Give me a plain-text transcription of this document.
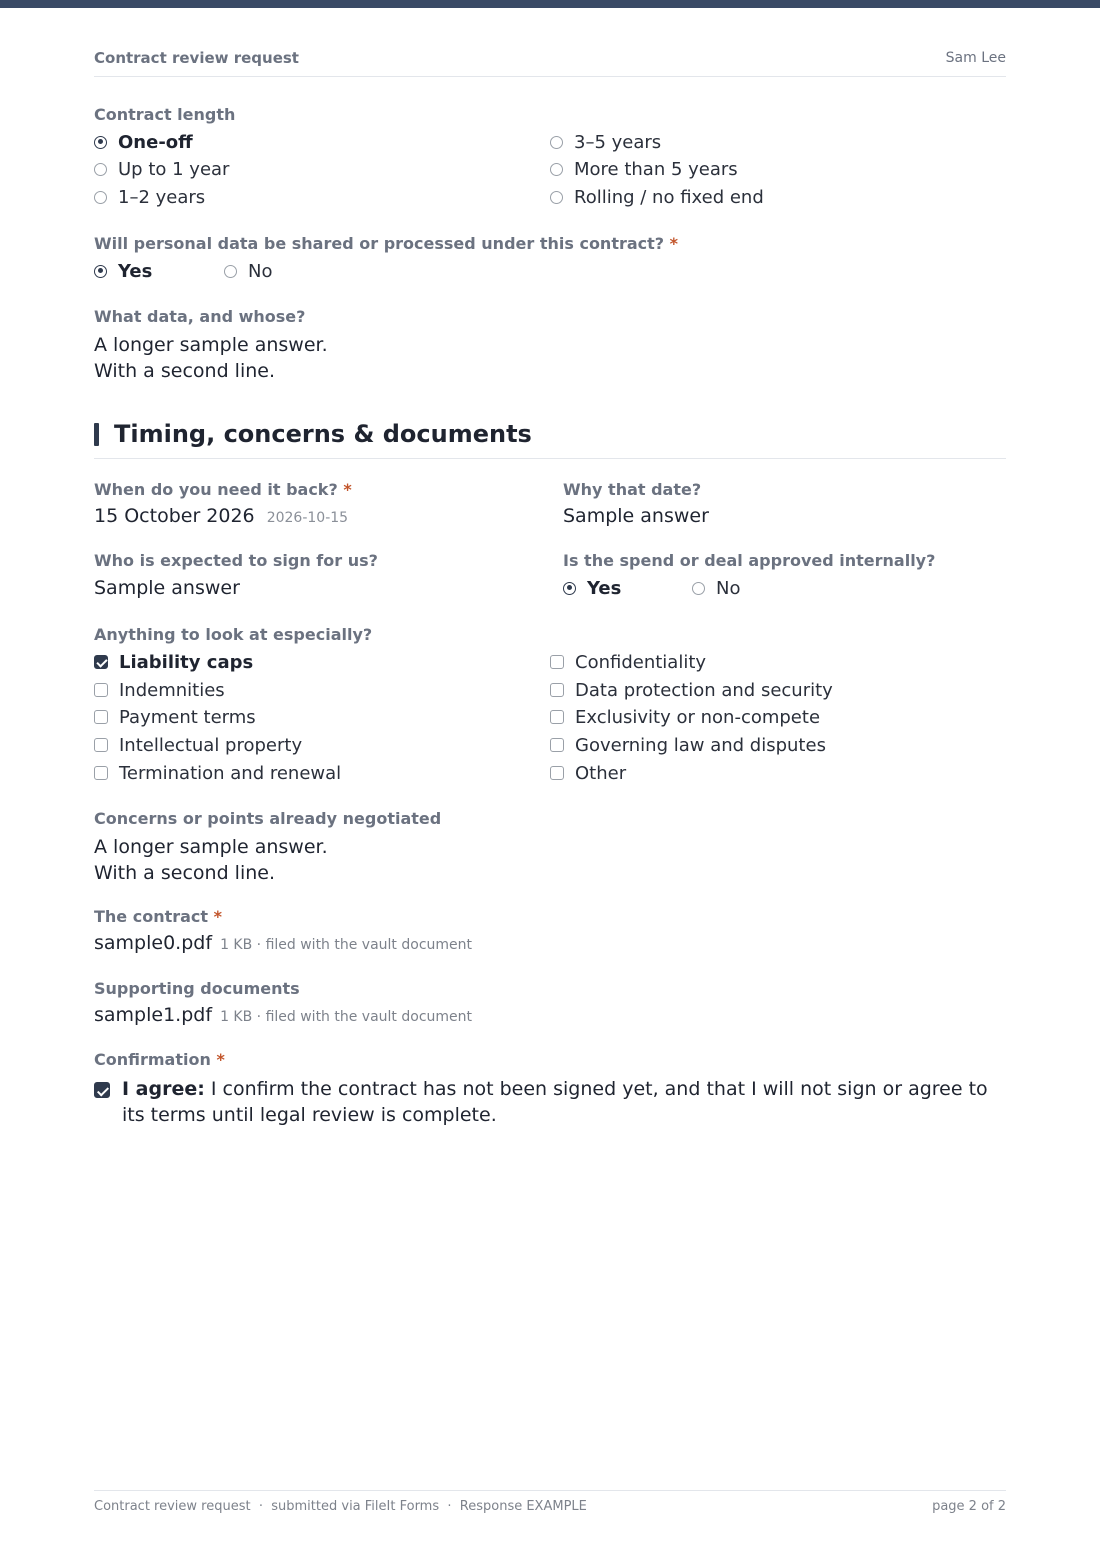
Contract review request	Sam Lee
Contract length
One-off
Up to 1 year
1–2 years
3–5 years
More than 5 years
Rolling / no fixed end
Will personal data be shared or processed under this contract? *
Yes	No
What data, and whose?
A longer sample answer.
With a second line.
Timing, concerns & documents
When do you need it back? *
15 October 2026 2026-10-15
Why that date?
Sample answer
Who is expected to sign for us?
Sample answer
Is the spend or deal approved internally?
Yes	No
Anything to look at especially?
Liability caps
Indemnities
Payment terms
Intellectual property
Termination and renewal
Confidentiality
Data protection and security
Exclusivity or non-compete
Governing law and disputes
Other
Concerns or points already negotiated
A longer sample answer.
With a second line.
The contract *
sample0.pdf 1 KB · filed with the vault document
Supporting documents
sample1.pdf 1 KB · filed with the vault document
Confirmation *
I agree: I confirm the contract has not been signed yet, and that I will not sign or agree to its terms until legal review is complete.
Contract review request  ·  submitted via FileIt Forms  ·  Response EXAMPLE	page 2 of 2
